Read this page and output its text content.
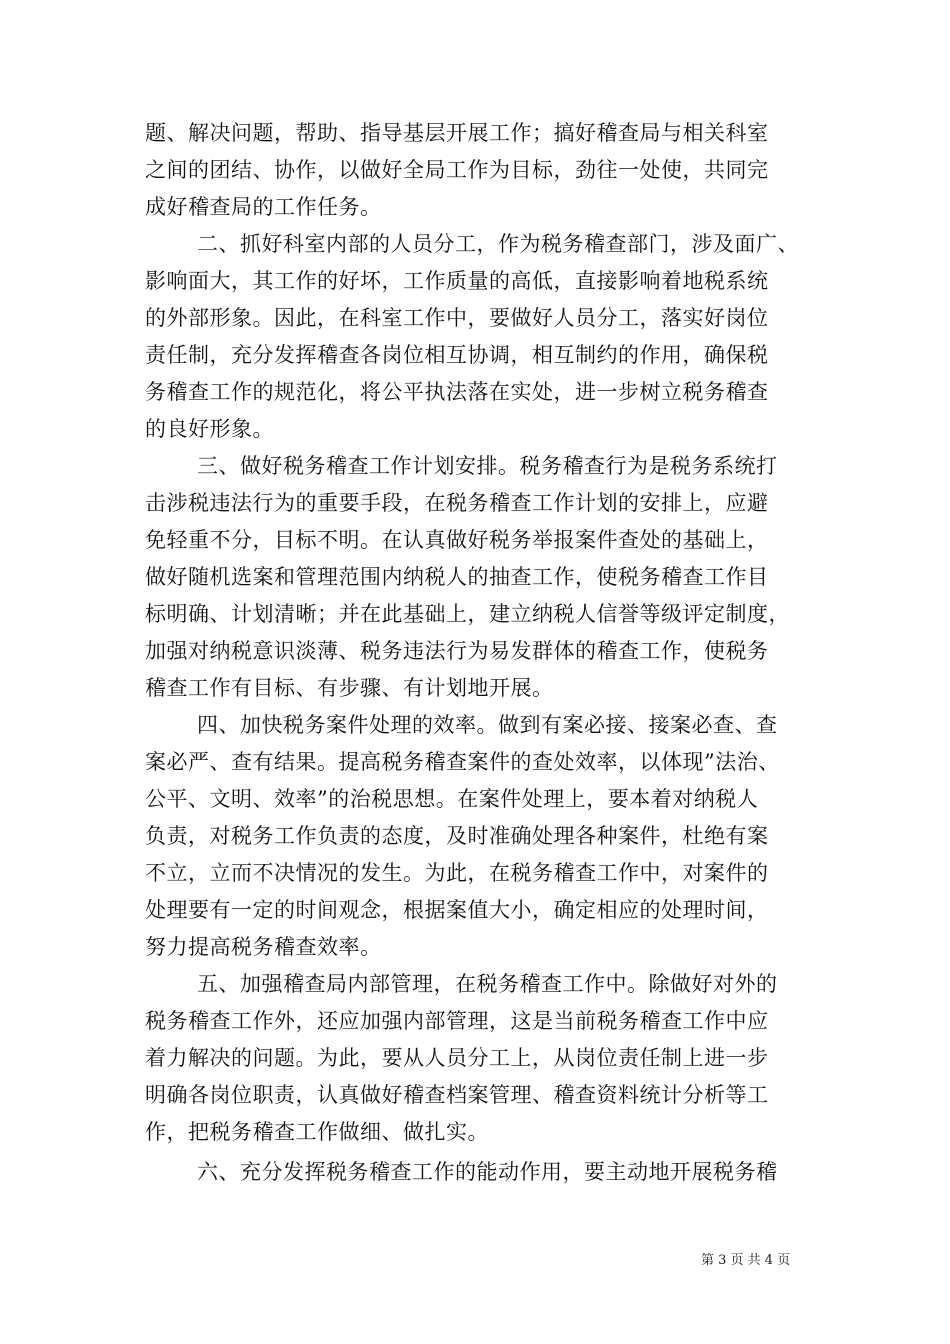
题、解决问题，帮助、指导基层开展工作；搞好稽查局与相关科室
之间的团结、协作，以做好全局工作为目标，劲往一处使，共同完
成好稽查局的工作任务。
二、抓好科室内部的人员分工，作为税务稽查部门，涉及面广、
影响面大，其工作的好坏，工作质量的高低，直接影响着地税系统
的外部形象。因此，在科室工作中，要做好人员分工，落实好岗位
责任制，充分发挥稽查各岗位相互协调，相互制约的作用，确保税
务稽查工作的规范化，将公平执法落在实处，进一步树立税务稽查
的良好形象。
三、做好税务稽查工作计划安排。税务稽查行为是税务系统打
击涉税违法行为的重要手段，在税务稽查工作计划的安排上，应避
免轻重不分，目标不明。在认真做好税务举报案件查处的基础上，
做好随机选案和管理范围内纳税人的抽查工作，使税务稽查工作目
标明确、计划清晰；并在此基础上，建立纳税人信誉等级评定制度，
加强对纳税意识淡薄、税务违法行为易发群体的稽查工作，使税务
稽查工作有目标、有步骤、有计划地开展。
四、加快税务案件处理的效率。做到有案必接、接案必查、查
案必严、查有结果。提高税务稽查案件的查处效率，以体现”法治、
公平、文明、效率”的治税思想。在案件处理上，要本着对纳税人
负责，对税务工作负责的态度，及时准确处理各种案件，杜绝有案
不立，立而不决情况的发生。为此，在税务稽查工作中，对案件的
处理要有一定的时间观念，根据案值大小，确定相应的处理时间，
努力提高税务稽查效率。
五、加强稽查局内部管理，在税务稽查工作中。除做好对外的
税务稽查工作外，还应加强内部管理，这是当前税务稽查工作中应
着力解决的问题。为此，要从人员分工上，从岗位责任制上进一步
明确各岗位职责，认真做好稽查档案管理、稽查资料统计分析等工
作，把税务稽查工作做细、做扎实。
六、充分发挥税务稽查工作的能动作用，要主动地开展税务稽
第 3 页 共 4 页
